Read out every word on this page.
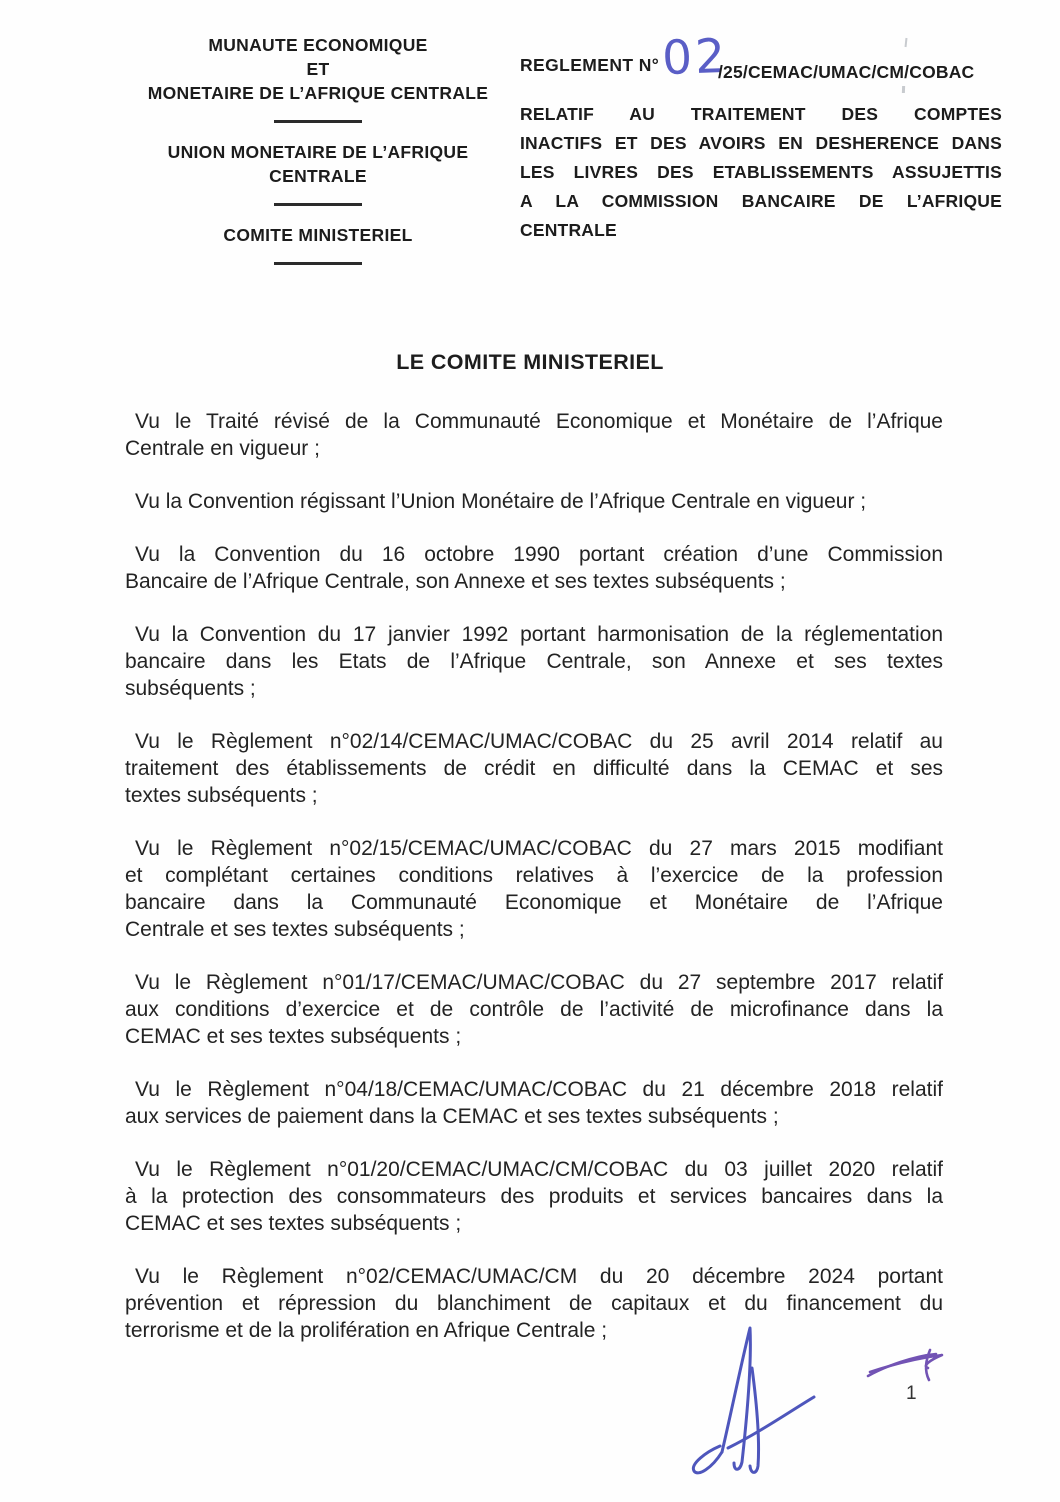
MUNAUTE ECONOMIQUE
ET
MONETAIRE DE L’AFRIQUE CENTRALE
UNION MONETAIRE DE L’AFRIQUE CENTRALE
COMITE MINISTERIEL
REGLEMENT N°02/25/CEMAC/UMAC/CM/COBAC
RELATIF AU TRAITEMENT DES COMPTES
INACTIFS ET DES AVOIRS EN DESHERENCE DANS
LES LIVRES DES ETABLISSEMENTS ASSUJETTIS
A LA COMMISSION BANCAIRE DE L’AFRIQUE
CENTRALE
LE COMITE MINISTERIEL

Vu le Traité révisé de la Communauté Economique et Monétaire de l’Afrique
Centrale en vigueur ;

Vu la Convention régissant l’Union Monétaire de l’Afrique Centrale en vigueur ;

Vu la Convention du 16 octobre 1990 portant création d’une Commission
Bancaire de l’Afrique Centrale, son Annexe et ses textes subséquents ;

Vu la Convention du 17 janvier 1992 portant harmonisation de la réglementation
bancaire dans les Etats de l’Afrique Centrale, son Annexe et ses textes
subséquents ;

Vu le Règlement n°02/14/CEMAC/UMAC/COBAC du 25 avril 2014 relatif au
traitement des établissements de crédit en difficulté dans la CEMAC et ses
textes subséquents ;

Vu le Règlement n°02/15/CEMAC/UMAC/COBAC du 27 mars 2015 modifiant
et complétant certaines conditions relatives à l’exercice de la profession
bancaire dans la Communauté Economique et Monétaire de l’Afrique
Centrale et ses textes subséquents ;

Vu le Règlement n°01/17/CEMAC/UMAC/COBAC du 27 septembre 2017 relatif
aux conditions d’exercice et de contrôle de l’activité de microfinance dans la
CEMAC et ses textes subséquents ;

Vu le Règlement n°04/18/CEMAC/UMAC/COBAC du 21 décembre 2018 relatif
aux services de paiement dans la CEMAC et ses textes subséquents ;

Vu le Règlement n°01/20/CEMAC/UMAC/CM/COBAC du 03 juillet 2020 relatif
à la protection des consommateurs des produits et services bancaires dans la
CEMAC et ses textes subséquents ;

Vu le Règlement n°02/CEMAC/UMAC/CM du 20 décembre 2024 portant
prévention et répression du blanchiment de capitaux et du financement du
terrorisme et de la prolifération en Afrique Centrale ;

1
